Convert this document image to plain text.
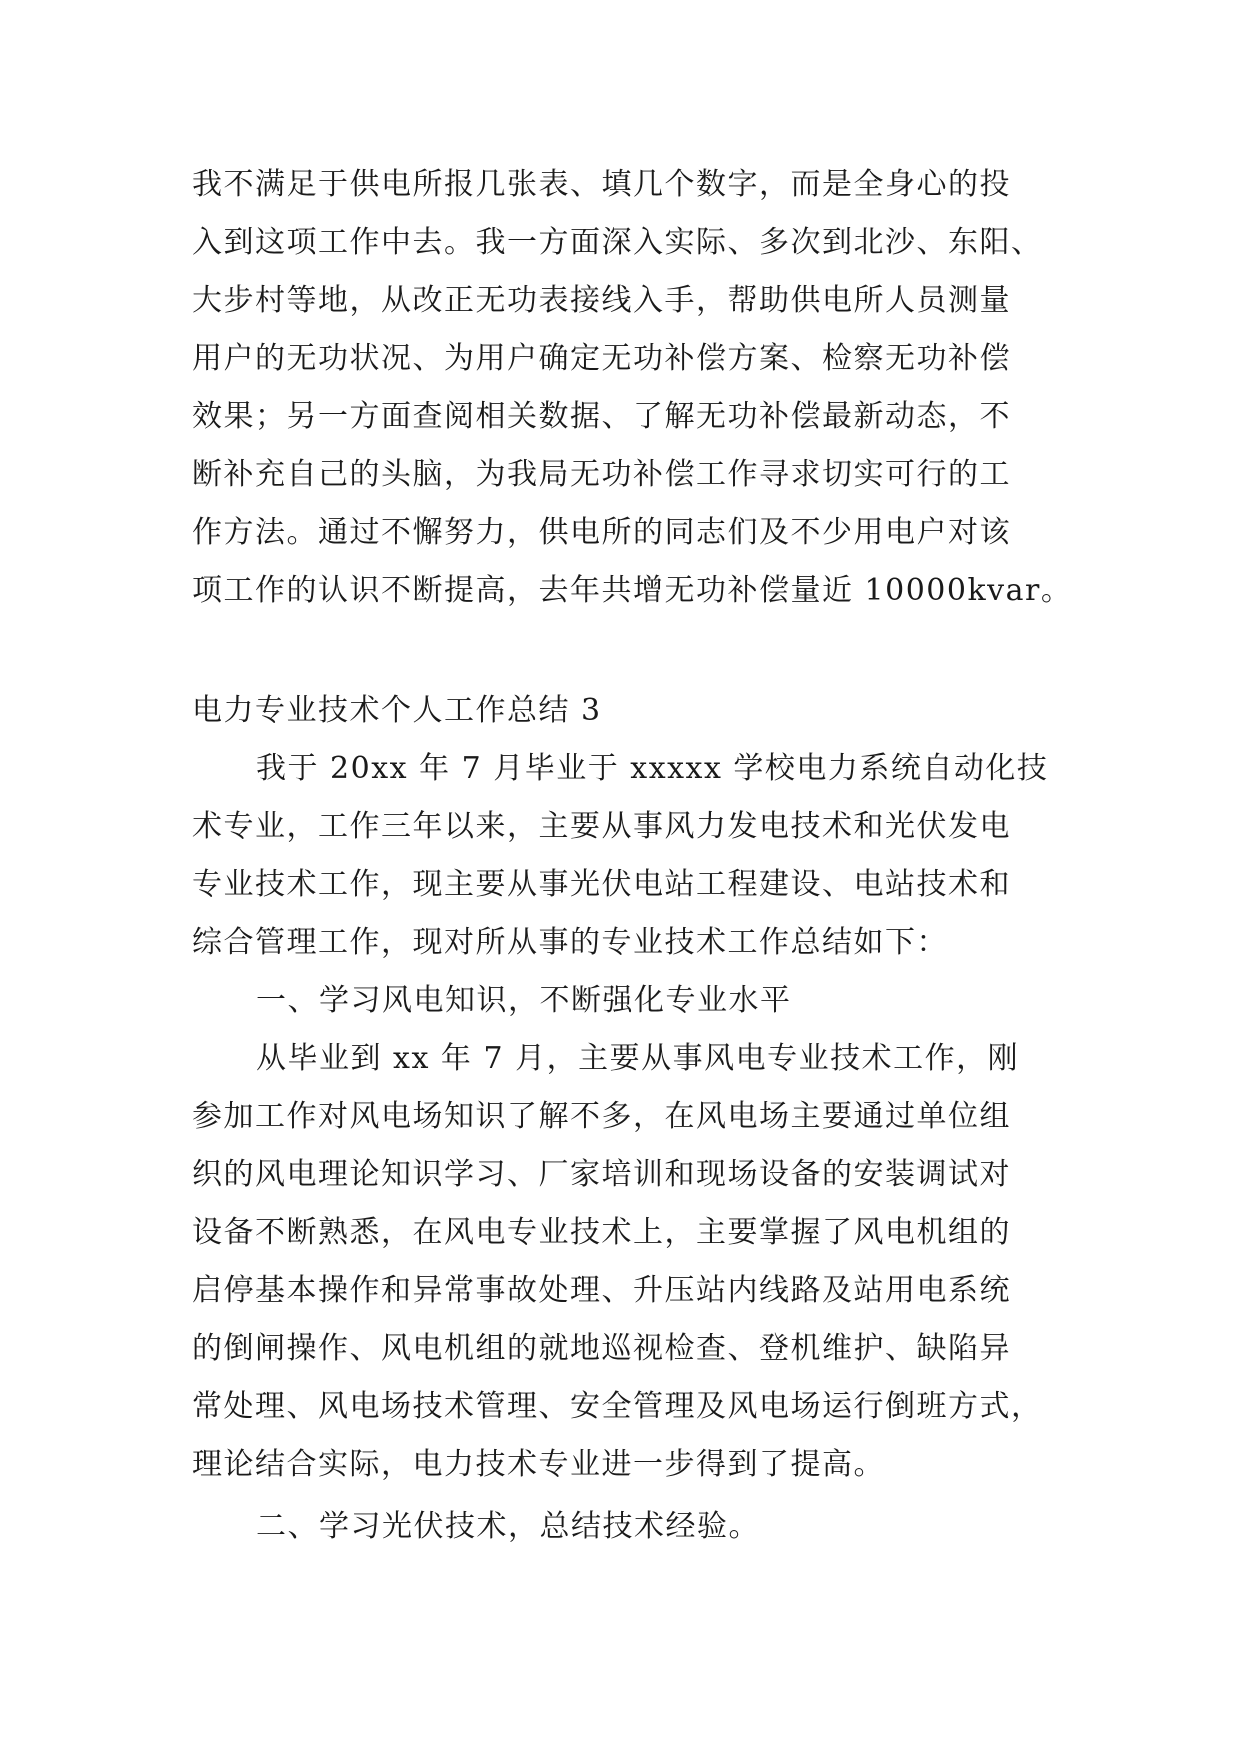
我不满足于供电所报几张表、填几个数字，而是全身心的投
入到这项工作中去。我一方面深入实际、多次到北沙、东阳、
大步村等地，从改正无功表接线入手，帮助供电所人员测量
用户的无功状况、为用户确定无功补偿方案、检察无功补偿
效果；另一方面查阅相关数据、了解无功补偿最新动态，不
断补充自己的头脑，为我局无功补偿工作寻求切实可行的工
作方法。通过不懈努力，供电所的同志们及不少用电户对该
项工作的认识不断提高，去年共增无功补偿量近 10000kvar。

电力专业技术个人工作总结 3

我于 20xx 年 7 月毕业于 xxxxx 学校电力系统自动化技
术专业，工作三年以来，主要从事风力发电技术和光伏发电
专业技术工作，现主要从事光伏电站工程建设、电站技术和
综合管理工作，现对所从事的专业技术工作总结如下：

一、学习风电知识，不断强化专业水平

从毕业到 xx 年 7 月，主要从事风电专业技术工作，刚
参加工作对风电场知识了解不多，在风电场主要通过单位组
织的风电理论知识学习、厂家培训和现场设备的安装调试对
设备不断熟悉，在风电专业技术上，主要掌握了风电机组的
启停基本操作和异常事故处理、升压站内线路及站用电系统
的倒闸操作、风电机组的就地巡视检查、登机维护、缺陷异
常处理、风电场技术管理、安全管理及风电场运行倒班方式，
理论结合实际，电力技术专业进一步得到了提高。

二、学习光伏技术，总结技术经验。
